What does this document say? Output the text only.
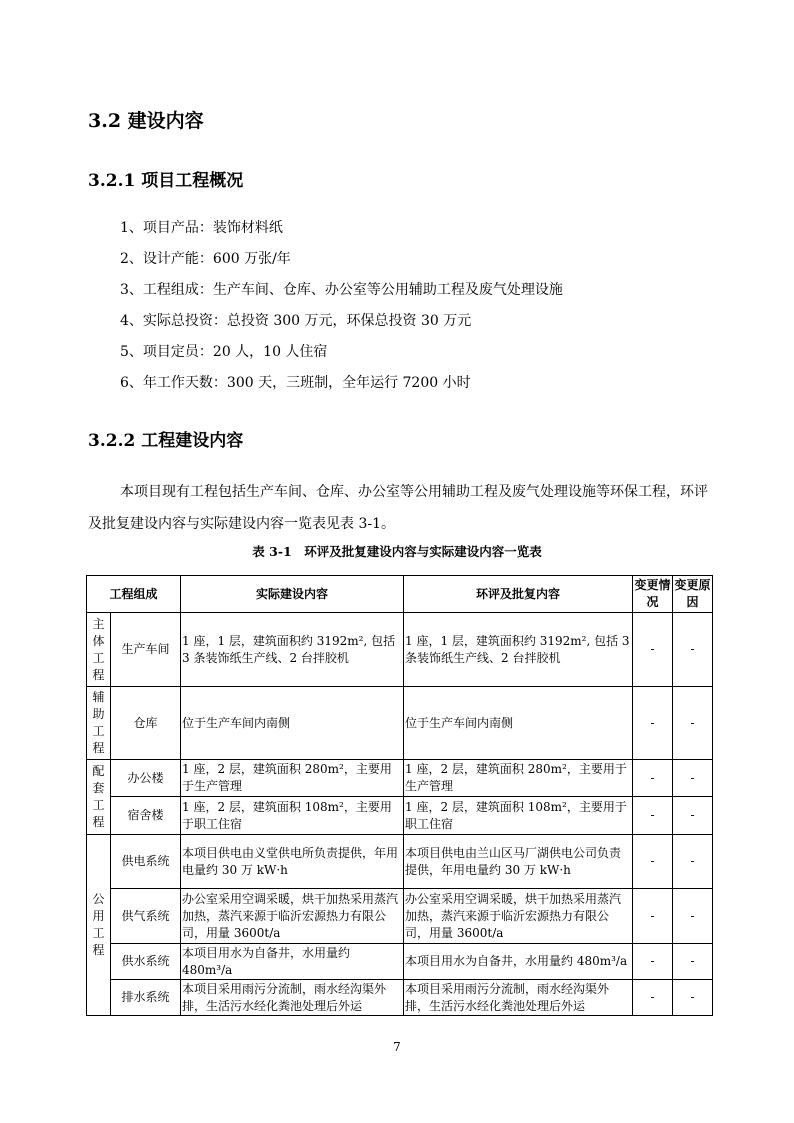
3.2 建设内容
3.2.1 项目工程概况
1、项目产品：装饰材料纸
2、设计产能：600 万张/年
3、工程组成：生产车间、仓库、办公室等公用辅助工程及废气处理设施
4、实际总投资：总投资 300 万元，环保总投资 30 万元
5、项目定员：20 人，10 人住宿
6、年工作天数：300 天，三班制，全年运行 7200 小时
3.2.2 工程建设内容
本项目现有工程包括生产车间、仓库、办公室等公用辅助工程及废气处理设施等环保工程，环评及批复建设内容与实际建设内容一览表见表 3-1。
表 3-1　环评及批复建设内容与实际建设内容一览表
工程组成		实际建设内容	环评及批复内容	变更情况	变更原因
主体工程	生产车间	1 座，1 层，建筑面积约 3192m², 包括 3 条装饰纸生产线、2 台拌胶机	1 座，1 层，建筑面积约 3192m², 包括 3 条装饰纸生产线、2 台拌胶机	-	-
辅助工程	仓库	位于生产车间内南侧	位于生产车间内南侧	-	-
配套工程	办公楼	1 座，2 层，建筑面积 280m²，主要用于生产管理	1 座，2 层，建筑面积 280m²，主要用于生产管理	-	-
	宿舍楼	1 座，2 层，建筑面积 108m²，主要用于职工住宿	1 座，2 层，建筑面积 108m²，主要用于职工住宿	-	-
公用工程	供电系统	本项目供电由义堂供电所负责提供，年用电量约 30 万 kW·h	本项目供电由兰山区马厂湖供电公司负责提供，年用电量约 30 万 kW·h	-	-
	供气系统	办公室采用空调采暖，烘干加热采用蒸汽加热，蒸汽来源于临沂宏源热力有限公司，用量 3600t/a	办公室采用空调采暖，烘干加热采用蒸汽加热，蒸汽来源于临沂宏源热力有限公司，用量 3600t/a	-	-
	供水系统	本项目用水为自备井，水用量约 480m³/a	本项目用水为自备井，水用量约 480m³/a	-	-
	排水系统	本项目采用雨污分流制，雨水经沟渠外排，生活污水经化粪池处理后外运	本项目采用雨污分流制，雨水经沟渠外排，生活污水经化粪池处理后外运	-	-
7
